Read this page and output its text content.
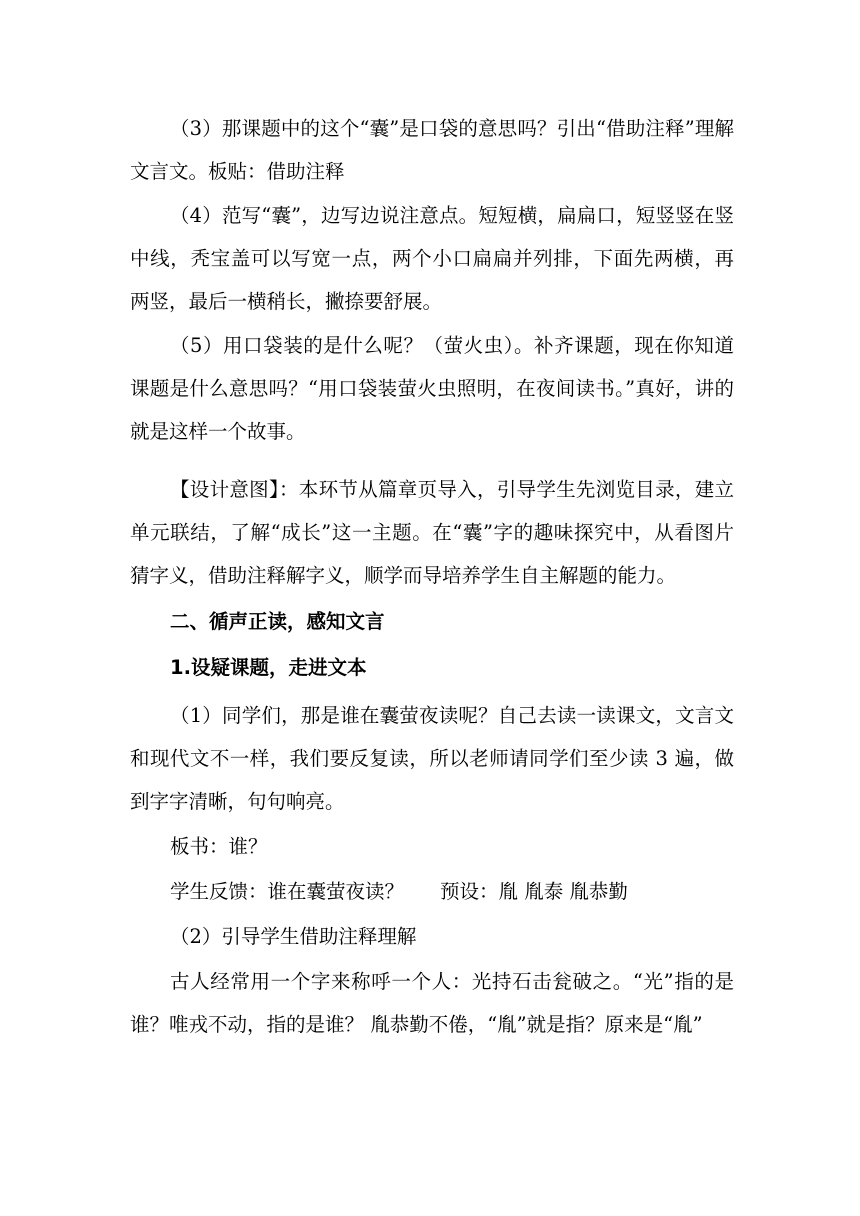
（3）那课题中的这个“囊”是口袋的意思吗？引出“借助注释”理解文言文。板贴：借助注释

（4）范写“囊”，边写边说注意点。短短横，扁扁口，短竖竖在竖中线，秃宝盖可以写宽一点，两个小口扁扁并列排，下面先两横，再两竖，最后一横稍长，撇捺要舒展。

（5）用口袋装的是什么呢？（萤火虫）。补齐课题，现在你知道课题是什么意思吗？“用口袋装萤火虫照明，在夜间读书。”真好，讲的就是这样一个故事。

【设计意图】：本环节从篇章页导入，引导学生先浏览目录，建立单元联结，了解“成长”这一主题。在“囊”字的趣味探究中，从看图片猜字义，借助注释解字义，顺学而导培养学生自主解题的能力。

二、循声正读，感知文言
1.设疑课题，走进文本

（1）同学们，那是谁在囊萤夜读呢？自己去读一读课文，文言文和现代文不一样，我们要反复读，所以老师请同学们至少读 3 遍，做到字字清晰，句句响亮。

板书：谁？

学生反馈：谁在囊萤夜读？ 预设：胤 胤泰 胤恭勤

（2）引导学生借助注释理解

古人经常用一个字来称呼一个人：光持石击瓮破之。“光”指的是谁？唯戎不动，指的是谁？ 胤恭勤不倦，“胤”就是指？原来是“胤”
